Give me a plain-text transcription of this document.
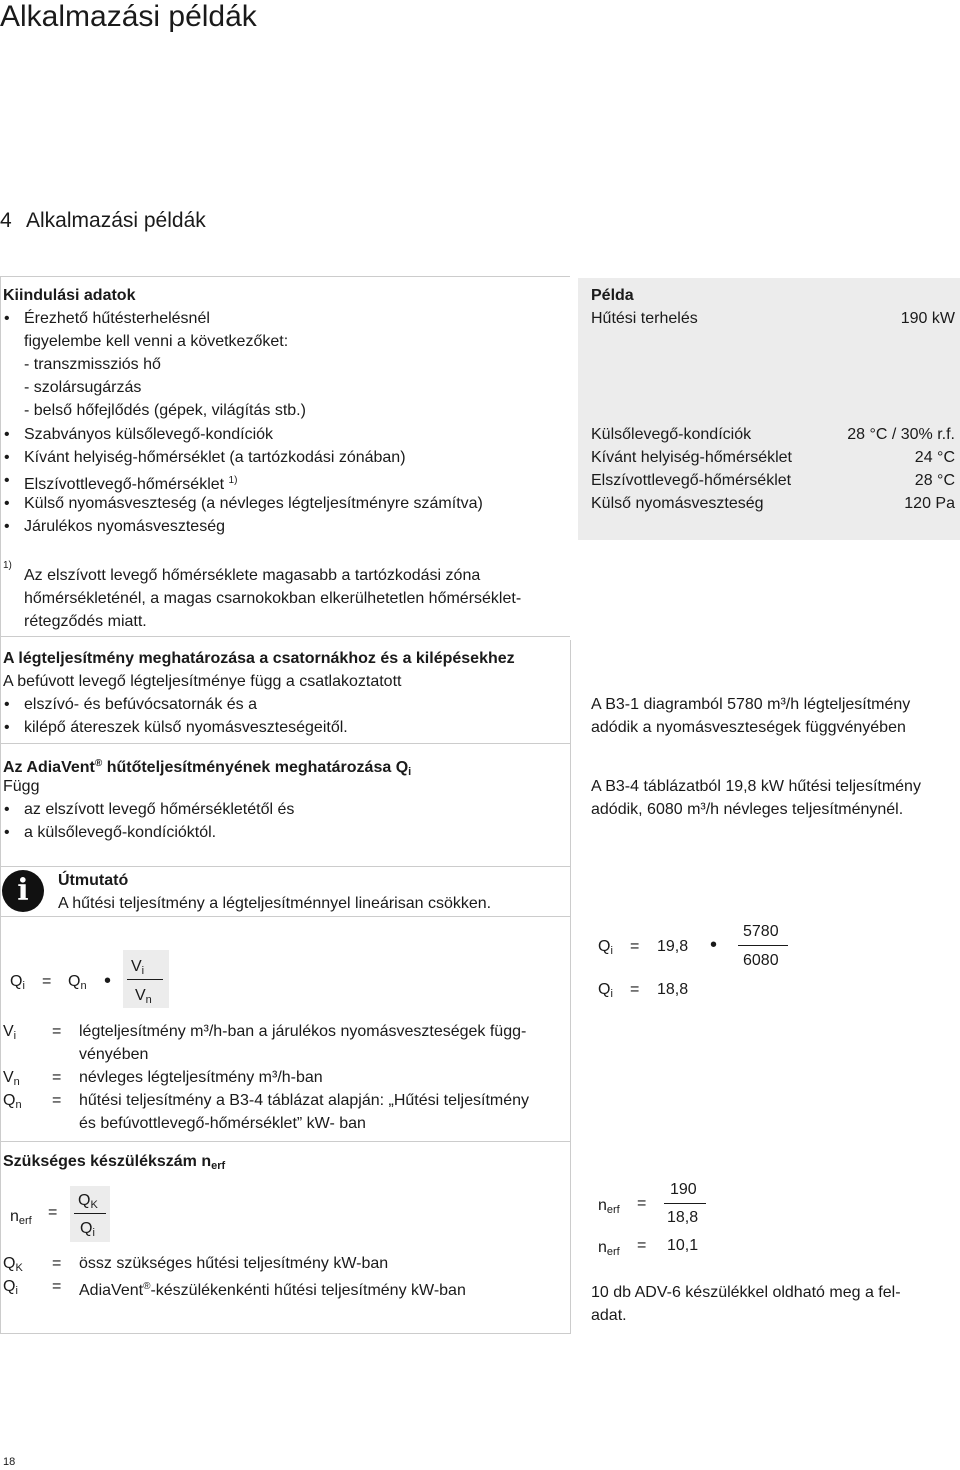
Alkalmazási példák
4 Alkalmazási példák
Kiindulási adatok
• Érezhető hűtésterhelésnél
figyelembe kell venni a következőket:
- transzmissziós hő
- szolársugárzás
- belső hőfejlődés (gépek, világítás stb.)
• Szabványos külsőlevegő-kondíciók
• Kívánt helyiség-hőmérséklet (a tartózkodási zónában)
• Elszívottlevegő-hőmérséklet $^{1)}$
• Külső nyomásveszteség (a névleges légteljesítményre számítva)
• Járulékos nyomásveszteség
Példa
Hűtési terhelés	190 kW
Külsőlevegő-kondíciók	28 °C / 30% r.f.
Kívánt helyiség-hőmérséklet	24 °C
Elszívottlevegő-hőmérséklet	28 °C
Külső nyomásveszteség	120 Pa
1)
Az elszívott levegő hőmérséklete magasabb a tartózkodási zóna
hőmérsékleténél, a magas csarnokokban elkerülhetetlen hőmérséklet-
rétegződés miatt.
A légteljesítmény meghatározása a csatornákhoz és a kilépésekhez
A befúvott levegő légteljesítménye függ a csatlakoztatott
• elszívó- és befúvócsatornák és a
• kilépő átereszek külső nyomásveszteségeitől.
A B3-1 diagramból 5780 m³/h légteljesítmény
adódik a nyomásveszteségek függvényében
Az AdiaVent® hűtőteljesítményének meghatározása $Q_i$
Függ
• az elszívott levegő hőmérsékletétől és
• a külsőlevegő-kondícióktól.
A B3-4 táblázatból 19,8 kW hűtési teljesítmény
adódik, 6080 m³/h névleges teljesítménynél.
i	Útmutató
A hűtési teljesítmény a légteljesítménnyel lineárisan csökken.
$Q_i = Q_n$ •
$V_i$
$V_n$
$Q_i = 19,8$ •
5780
6080
$Q_i = 18,8$
$V_i$ = légteljesítmény m³/h-ban a járulékos nyomásveszteségek függ-
vényében
$V_n$ = névleges légteljesítmény m³/h-ban
$Q_n$ = hűtési teljesítmény a B3-4 táblázat alapján: „Hűtési teljesítmény
és befúvottlevegő-hőmérséklet” kW- ban
Szükséges készülékszám $n_{erf}$
$n_{erf}$ =
$Q_K$
$Q_i$
$Q_K$ = össz szükséges hűtési teljesítmény kW-ban
$Q_i$ = AdiaVent®-készülékenkénti hűtési teljesítmény kW-ban
$n_{erf}$ =
190
18,8
$n_{erf} = 10,1$
10 db ADV-6 készülékkel oldható meg a fel-
adat.
18
